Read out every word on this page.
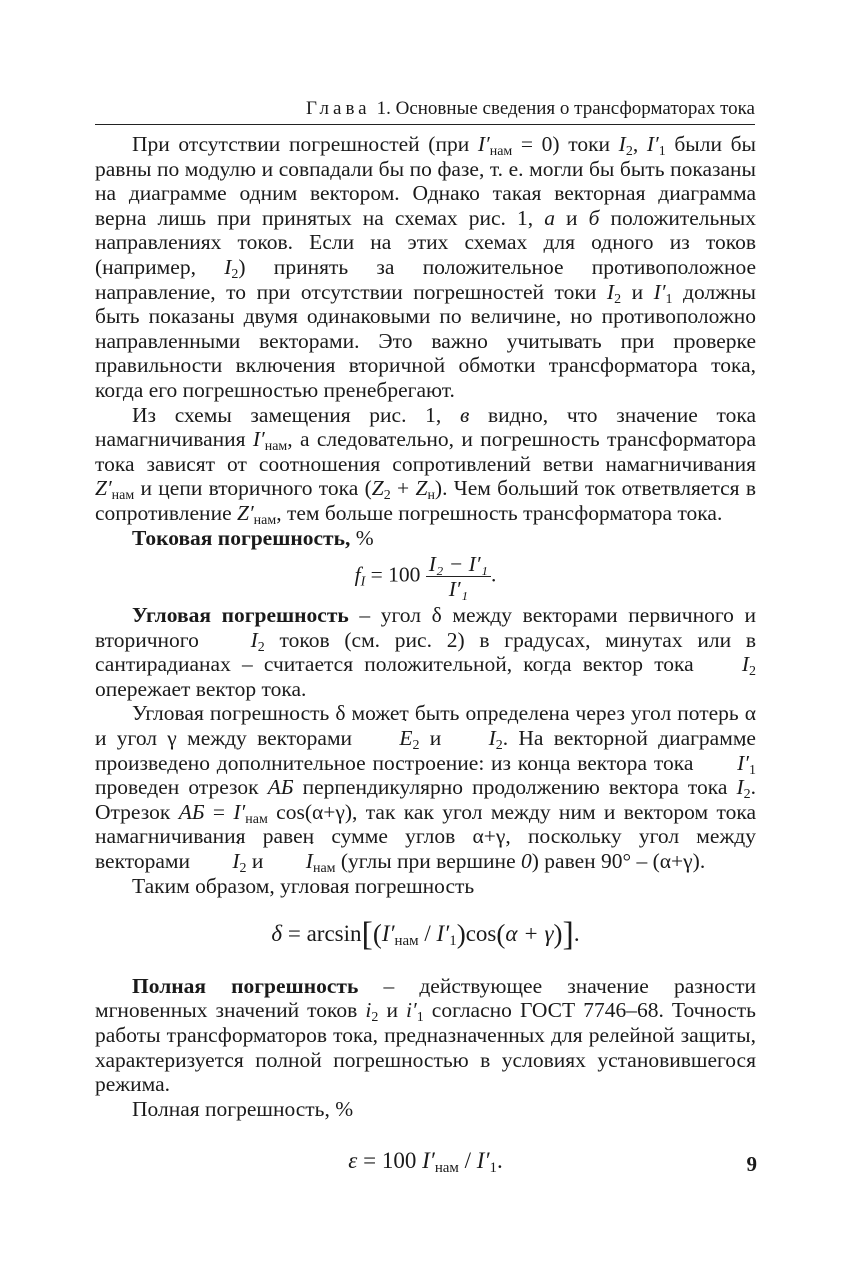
Глава 1. Основные сведения о трансформаторах тока

При отсутствии погрешностей (при $I'_{нам} = 0$) токи $I_2$, $I'_1$ были бы равны по модулю и совпадали бы по фазе, т. е. могли бы быть показаны на диаграмме одним вектором. Однако такая векторная диаграмма верна лишь при принятых на схемах рис. 1, а и б положительных направлениях токов. Если на этих схемах для одного из токов (например, $I_2$) принять за положительное противоположное направление, то при отсутствии погрешностей токи $I_2$ и $I'_1$ должны быть показаны двумя одинаковыми по величине, но противоположно направленными векторами. Это важно учитывать при проверке правильности включения вторичной обмотки трансформатора тока, когда его погрешностью пренебрегают.

Из схемы замещения рис. 1, в видно, что значение тока намагничивания $I'_{нам}$, а следовательно, и погрешность трансформатора тока зависят от соотношения сопротивлений ветви намагничивания $Z'_{нам}$ и цепи вторичного тока $(Z_2 + Z_н)$. Чем больший ток ответвляется в сопротивление $Z'_{нам}$, тем больше погрешность трансформатора тока.

Токовая погрешность, %

$f_I = 100 \frac{\text{I₂ − I′₁}}{\text{I′₁}}$ .

Угловая погрешность – угол δ между векторами первичного и вторичного ˙ $I_2$ токов (см. рис. 2) в градусах, минутах или в сантирадианах – считается положительной, когда вектор тока ˙ $I_2$ опережает вектор тока.

Угловая погрешность δ может быть определена через угол потерь α и угол γ между векторами ˙ $E_2$ и ˙ $I_2$. На векторной диаграмме произведено дополнительное построение: из конца вектора тока ˙ $I'_1$ проведен отрезок АБ перпендикулярно продолжению вектора тока $I_2$. Отрезок АБ = $I'_{нам}$ cos(α+γ), так как угол между ним и вектором тока намагничивания равен сумме углов α+γ, поскольку угол между векторами ˙ $I_2$ и ˙ $I_{нам}$ (углы при вершине 0) равен 90° – (α+γ).

Таким образом, угловая погрешность

$\delta = \arcsin[(I'_{нам} / I'_1)\cos(\alpha + \gamma)]$.

Полная погрешность – действующее значение разности мгновенных значений токов $i_2$ и $i'_1$ согласно ГОСТ 7746–68. Точность работы трансформаторов тока, предназначенных для релейной защиты, характеризуется полной погрешностью в условиях установившегося режима.

Полная погрешность, %

ε = 100 $I'_{нам} / I'_1$.	9
